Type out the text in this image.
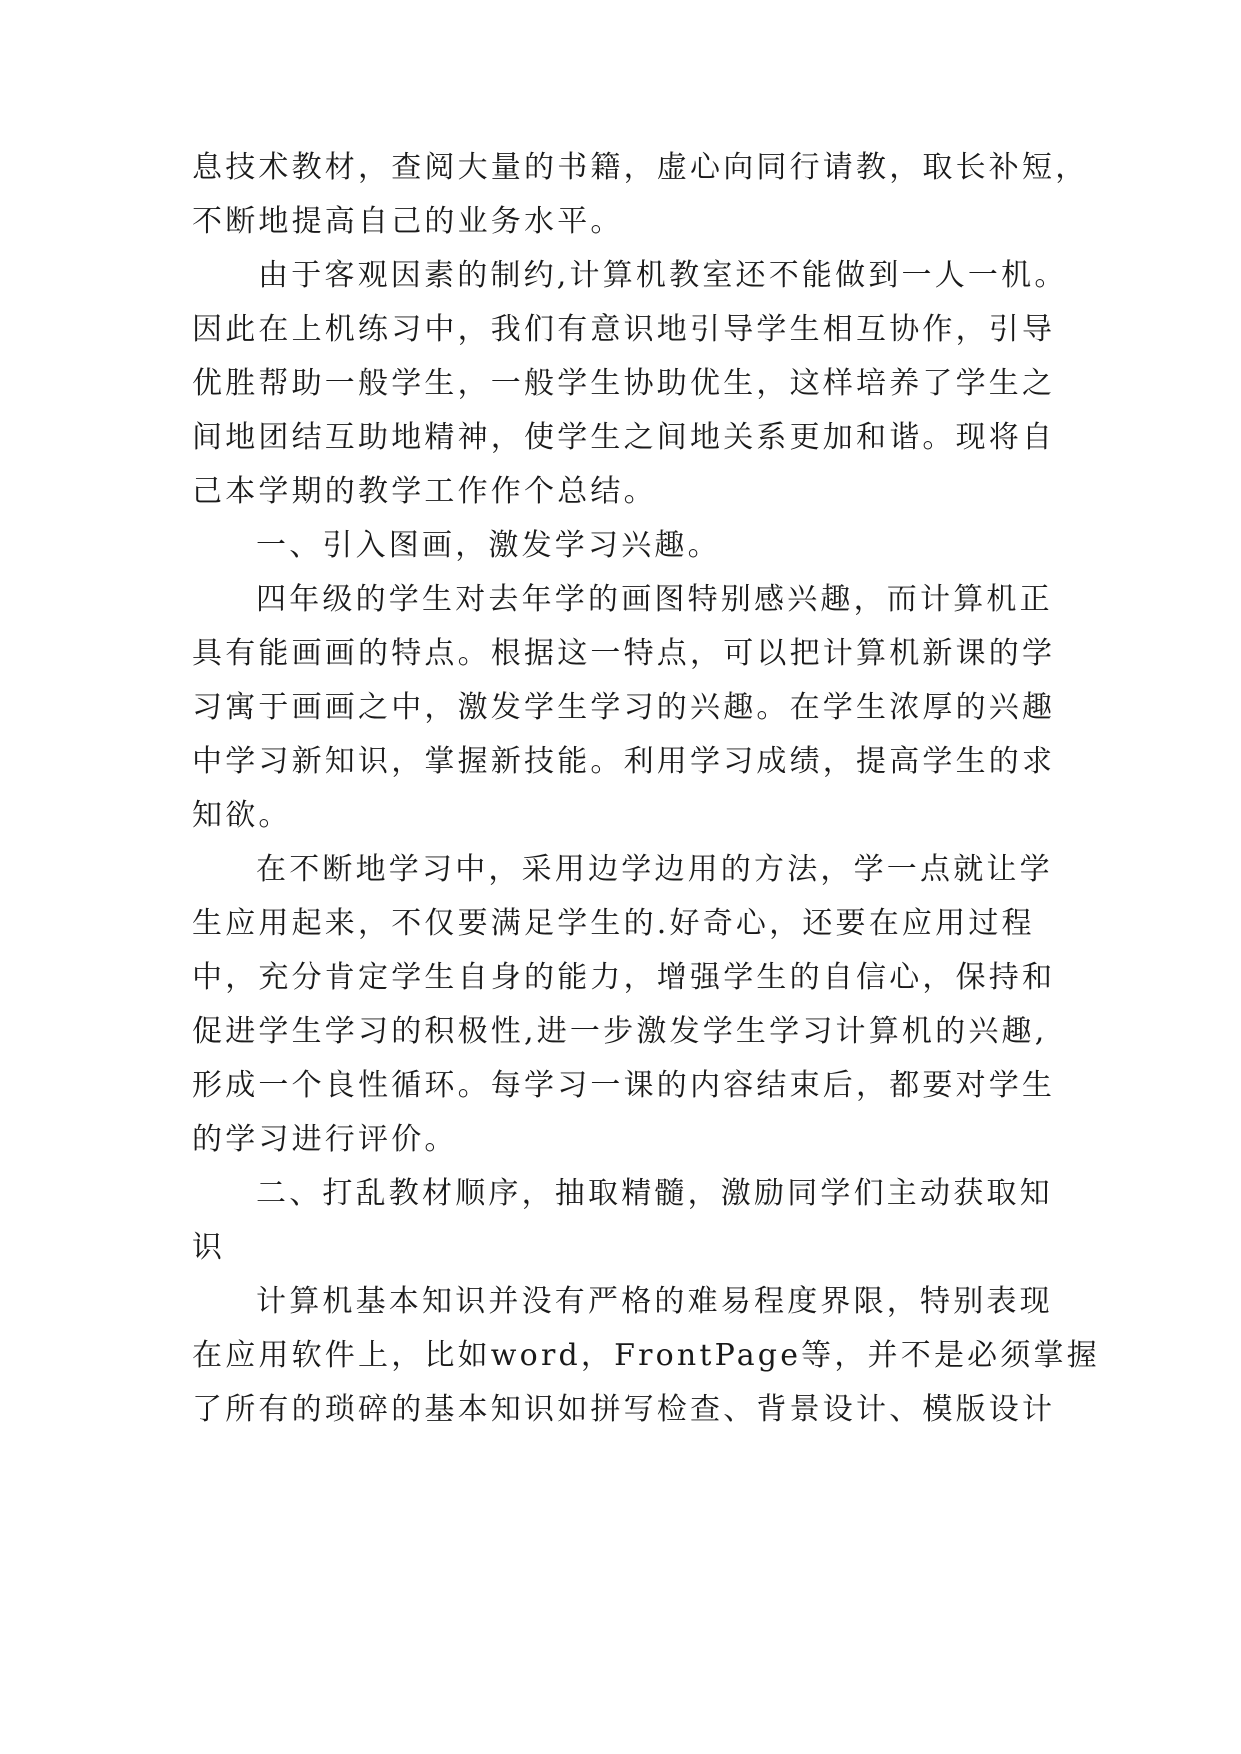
息技术教材，查阅大量的书籍，虚心向同行请教，取长补短，
不断地提高自己的业务水平。
由于客观因素的制约,计算机教室还不能做到一人一机。
因此在上机练习中，我们有意识地引导学生相互协作，引导
优胜帮助一般学生，一般学生协助优生，这样培养了学生之
间地团结互助地精神，使学生之间地关系更加和谐。现将自
己本学期的教学工作作个总结。
一、引入图画，激发学习兴趣。
四年级的学生对去年学的画图特别感兴趣，而计算机正
具有能画画的特点。根据这一特点，可以把计算机新课的学
习寓于画画之中，激发学生学习的兴趣。在学生浓厚的兴趣
中学习新知识，掌握新技能。利用学习成绩，提高学生的求
知欲。
在不断地学习中，采用边学边用的方法，学一点就让学
生应用起来，不仅要满足学生的.好奇心，还要在应用过程
中，充分肯定学生自身的能力，增强学生的自信心，保持和
促进学生学习的积极性,进一步激发学生学习计算机的兴趣,
形成一个良性循环。每学习一课的内容结束后，都要对学生
的学习进行评价。
二、打乱教材顺序，抽取精髓，激励同学们主动获取知
识
计算机基本知识并没有严格的难易程度界限，特别表现
在应用软件上，比如word，FrontPage等，并不是必须掌握
了所有的琐碎的基本知识如拼写检查、背景设计、模版设计
